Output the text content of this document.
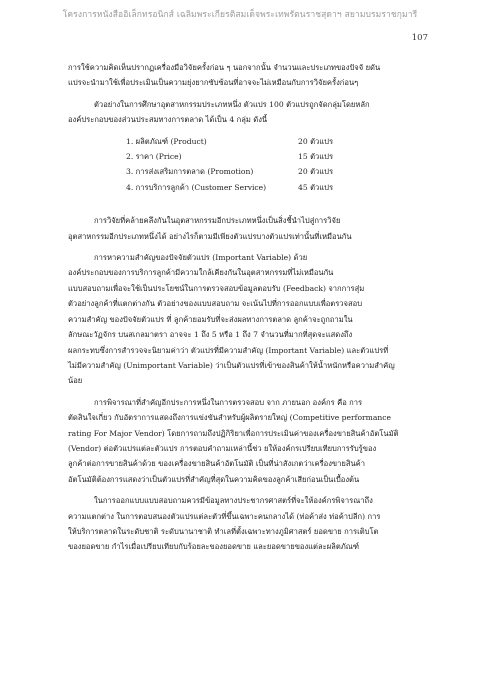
โครงการหนังสืออิเล็กทรอนิกส์ เฉลิมพระเกียรติสมเด็จพระเทพรัตนราชสุดาฯ สยามบรมราชกุมารี
107

การใช้ความคิดเห็นปรากฏเครื่องมือวิจัยครั้งก่อน ๆ นอกจากนั้น จำนวนและประเภทของปัจจั ยดัน
แปรจะนำมาใช้เพื่อประเมินเป็นความยุ่งยากซับซ้อนที่อาจจะไม่เหมือนกับการวิจัยครั้งก่อนๆ

ตัวอย่างในการศึกษาอุตสาหกรรมประเภทหนึ่ง ตัวแปร 100 ตัวแปรถูกจัดกลุ่มโดยหลัก
องค์ประกอบของส่วนประสมทางการตลาด ได้เป็น 4 กลุ่ม ดังนี้

1. ผลิตภัณฑ์ (Product)	20 ตัวแปร
2. ราคา (Price)	15 ตัวแปร
3. การส่งเสริมการตลาด (Promotion)	20 ตัวแปร
4. การบริการลูกค้า (Customer Service)	45 ตัวแปร

การวิจัยที่คล้ายคลึงกันในอุตสาหกรรมอีกประเภทหนึ่งเป็นสิ่งชี้นำไปสู่การวิจัย
อุตสาหกรรมอีกประเภทหนึ่งได้ อย่างไรก็ตามมีเพียงตัวแปรบางตัวแปรเท่านั้นที่เหมือนกัน

การหาความสำคัญของปัจจัยตัวแปร (Important Variable) ด้วย
องค์ประกอบของการบริการลูกค้ามีความใกล้เคียงกันในอุตสาหกรรมที่ไม่เหมือนกัน
แบบสอบถามเพื่อจะใช้เป็นประโยชน์ในการตรวจสอบข้อมูลตอบรับ (Feedback) จากการสุ่ม
ตัวอย่างลูกค้าที่แตกต่างกัน ตัวอย่างของแบบสอบถาม จะเน้นไปที่การออกแบบเพื่อตรวจสอบ
ความสำคัญ ของปัจจัยตัวแปร ที่ ลูกค้ายอมรับที่จะส่งผลทางการตลาด ลูกค้าจะถูกถามใน
ลักษณะวัฏจักร บนสเกลมาตรา อาจจะ 1 ถึง 5 หรือ 1 ถึง 7 จำนวนที่มากที่สุดจะแสดงถึง
ผลกระทบซึ่งการสำรวจจะนิยามค่าว่า ตัวแปรที่มีความสำคัญ (Important Variable) และตัวแปรที่
ไม่มีความสำคัญ (Unimportant Variable) ว่าเป็นตัวแปรที่เข้าของสินค้าให้น้ำหนักหรือความสำคัญ
น้อย

การพิจารณาที่สำคัญอีกประการหนึ่งในการตรวจสอบ จาก ภายนอก องค์กร คือ การ
ตัดสินใจเกี่ยว กับอัตราการแสดงถึงการแข่งขันสำหรับผู้ผลิตรายใหญ่ (Competitive performance
rating For Major Vendor) โดยการถามถึงปฏิกิริยาเพื่อการประเมินค่าของเครื่องขายสินค้าอัตโนมัติ
(Vendor) ต่อตัวแปรแต่ละตัวแปร การตอบคำถามเหล่านี้ช่ว ยให้องค์กรเปรียบเทียบการรับรู้ของ
ลูกค้าต่อการขายสินค้าด้วย ของเครื่องขายสินค้าอัตโนมัติ เป็นที่น่าสังเกตว่าเครื่องขายสินค้า
อัตโนมัติต้องการแสดงว่าเป็นตัวแปรที่สำคัญที่สุดในความคิดของลูกค้าเสียก่อนเป็นเบื้องต้น

ในการออกแบบแบบสอบถามควรมีข้อมูลทางประชากรศาสตร์ที่จะให้องค์กรพิจารณาถึง
ความแตกต่าง ในการตอบสนองตัวแปรแต่ละตัวที่ขึ้นเฉพาะคนกลางได้ (ท่อค้าส่ง ท่อค้าปลีก) การ
ให้บริการตลาดในระดับชาติ ระดับนานาชาติ ทำเลที่ตั้งเฉพาะทางภูมิศาสตร์ ยอดขาย การเติบโต
ของยอดขาย กำไรเมื่อเปรียบเทียบกับร้อยละของยอดขาย และยอดขายของแต่ละผลิตภัณฑ์
